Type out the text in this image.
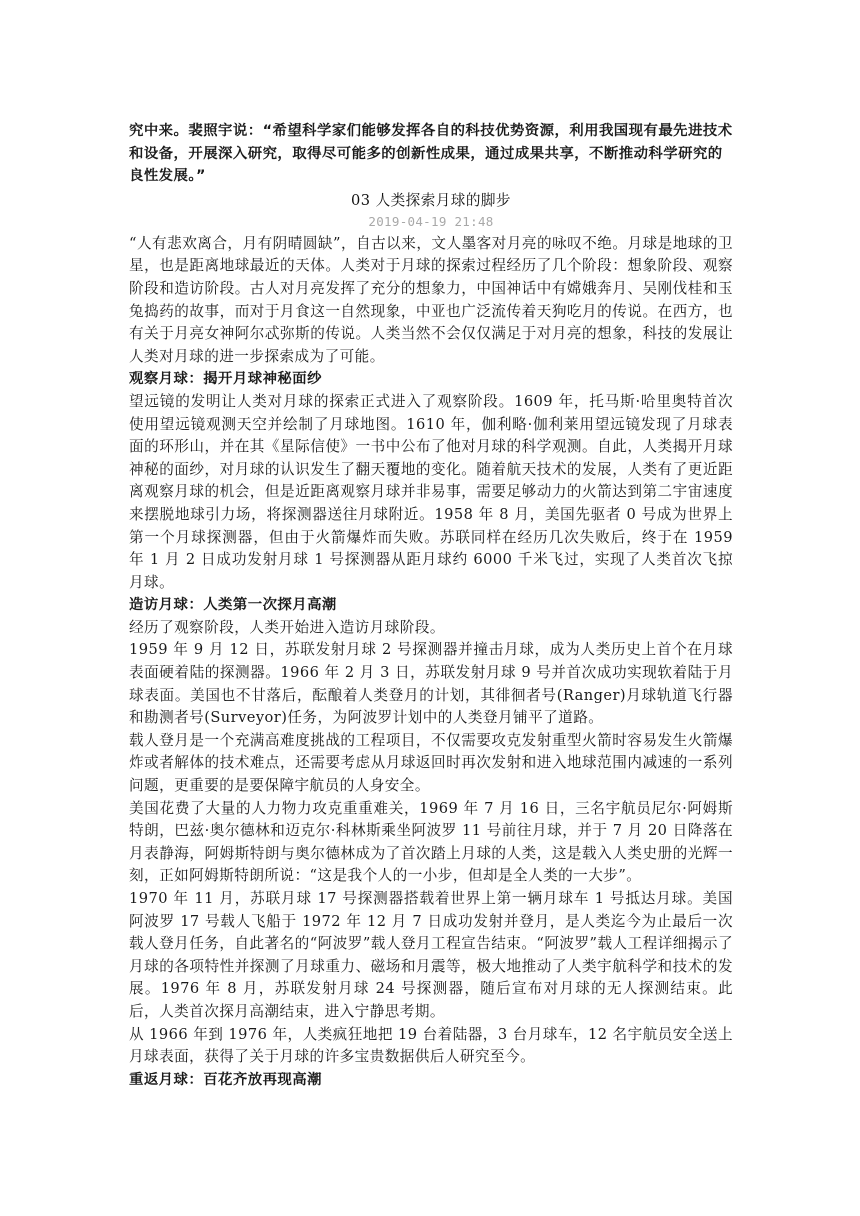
究中来。裴照宇说：“希望科学家们能够发挥各自的科技优势资源，利用我国现有最先进技术和设备，开展深入研究，取得尽可能多的创新性成果，通过成果共享，不断推动科学研究的良性发展。”

03 人类探索月球的脚步

2019-04-19 21:48

“人有悲欢离合，月有阴晴圆缺”，自古以来，文人墨客对月亮的咏叹不绝。月球是地球的卫星，也是距离地球最近的天体。人类对于月球的探索过程经历了几个阶段：想象阶段、观察阶段和造访阶段。古人对月亮发挥了充分的想象力，中国神话中有嫦娥奔月、吴刚伐桂和玉兔捣药的故事，而对于月食这一自然现象，中亚也广泛流传着天狗吃月的传说。在西方，也有关于月亮女神阿尔忒弥斯的传说。人类当然不会仅仅满足于对月亮的想象，科技的发展让人类对月球的进一步探索成为了可能。

观察月球：揭开月球神秘面纱

望远镜的发明让人类对月球的探索正式进入了观察阶段。1609 年，托马斯·哈里奥特首次使用望远镜观测天空并绘制了月球地图。1610 年，伽利略·伽利莱用望远镜发现了月球表面的环形山，并在其《星际信使》一书中公布了他对月球的科学观测。自此，人类揭开月球神秘的面纱，对月球的认识发生了翻天覆地的变化。随着航天技术的发展，人类有了更近距离观察月球的机会，但是近距离观察月球并非易事，需要足够动力的火箭达到第二宇宙速度来摆脱地球引力场，将探测器送往月球附近。1958 年 8 月，美国先驱者 0 号成为世界上第一个月球探测器，但由于火箭爆炸而失败。苏联同样在经历几次失败后，终于在 1959 年 1 月 2 日成功发射月球 1 号探测器从距月球约 6000 千米飞过，实现了人类首次飞掠月球。

造访月球：人类第一次探月高潮

经历了观察阶段，人类开始进入造访月球阶段。

1959 年 9 月 12 日，苏联发射月球 2 号探测器并撞击月球，成为人类历史上首个在月球表面硬着陆的探测器。1966 年 2 月 3 日，苏联发射月球 9 号并首次成功实现软着陆于月球表面。美国也不甘落后，酝酿着人类登月的计划，其徘徊者号(Ranger)月球轨道飞行器和勘测者号(Surveyor)任务，为阿波罗计划中的人类登月铺平了道路。

载人登月是一个充满高难度挑战的工程项目，不仅需要攻克发射重型火箭时容易发生火箭爆炸或者解体的技术难点，还需要考虑从月球返回时再次发射和进入地球范围内减速的一系列问题，更重要的是要保障宇航员的人身安全。

美国花费了大量的人力物力攻克重重难关，1969 年 7 月 16 日，三名宇航员尼尔·阿姆斯特朗，巴兹·奥尔德林和迈克尔·科林斯乘坐阿波罗 11 号前往月球，并于 7 月 20 日降落在月表静海，阿姆斯特朗与奥尔德林成为了首次踏上月球的人类，这是载入人类史册的光辉一刻，正如阿姆斯特朗所说：“这是我个人的一小步，但却是全人类的一大步”。

1970 年 11 月，苏联月球 17 号探测器搭载着世界上第一辆月球车 1 号抵达月球。美国阿波罗 17 号载人飞船于 1972 年 12 月 7 日成功发射并登月，是人类迄今为止最后一次载人登月任务，自此著名的“阿波罗”载人登月工程宣告结束。“阿波罗”载人工程详细揭示了月球的各项特性并探测了月球重力、磁场和月震等，极大地推动了人类宇航科学和技术的发展。1976 年 8 月，苏联发射月球 24 号探测器，随后宣布对月球的无人探测结束。此后，人类首次探月高潮结束，进入宁静思考期。

从 1966 年到 1976 年，人类疯狂地把 19 台着陆器，3 台月球车，12 名宇航员安全送上月球表面，获得了关于月球的许多宝贵数据供后人研究至今。

重返月球：百花齐放再现高潮
